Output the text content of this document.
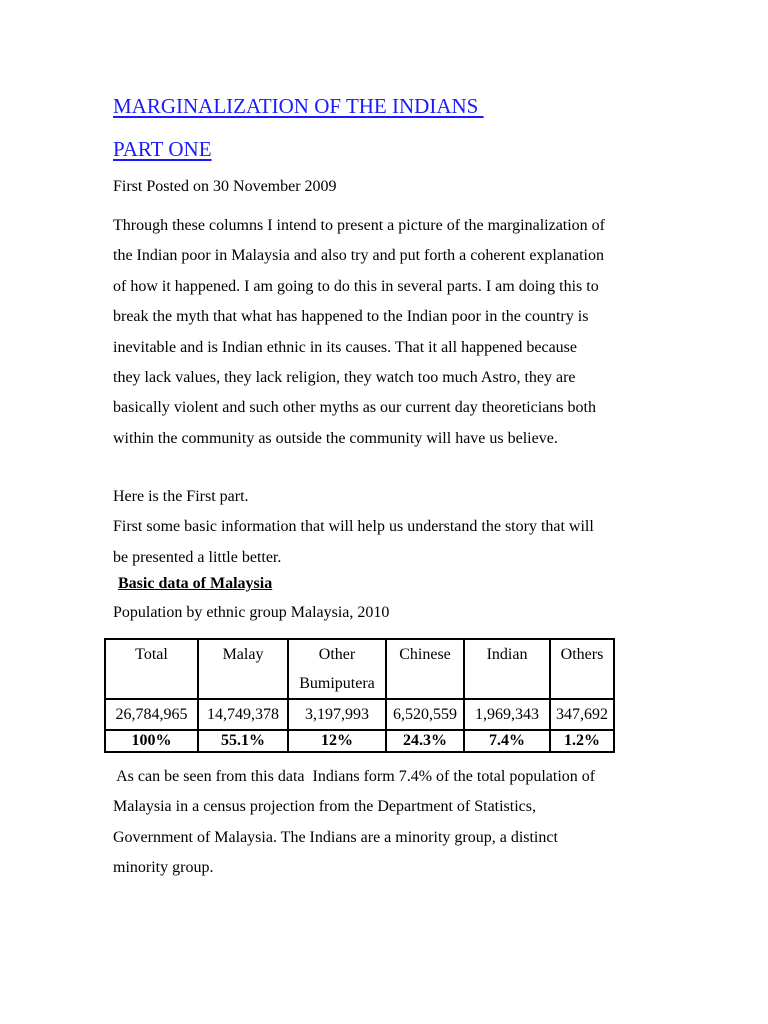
MARGINALIZATION OF THE INDIANS
PART ONE
First Posted on 30 November 2009
Through these columns I intend to present a picture of the marginalization of
the Indian poor in Malaysia and also try and put forth a coherent explanation
of how it happened. I am going to do this in several parts. I am doing this to
break the myth that what has happened to the Indian poor in the country is
inevitable and is Indian ethnic in its causes. That it all happened because
they lack values, they lack religion, they watch too much Astro, they are
basically violent and such other myths as our current day theoreticians both
within the community as outside the community will have us believe.
Here is the First part.
First some basic information that will help us understand the story that will
be presented a little better.
Basic data of Malaysia
Population by ethnic group Malaysia, 2010
As can be seen from this data  Indians form 7.4% of the total population of
Malaysia in a census projection from the Department of Statistics,
Government of Malaysia. The Indians are a minority group, a distinct
minority group.
Total	Malay	Other Bumiputera	Chinese	Indian	Others
26,784,965	14,749,378	3,197,993	6,520,559	1,969,343	347,692
100%	55.1%	12%	24.3%	7.4%	1.2%
